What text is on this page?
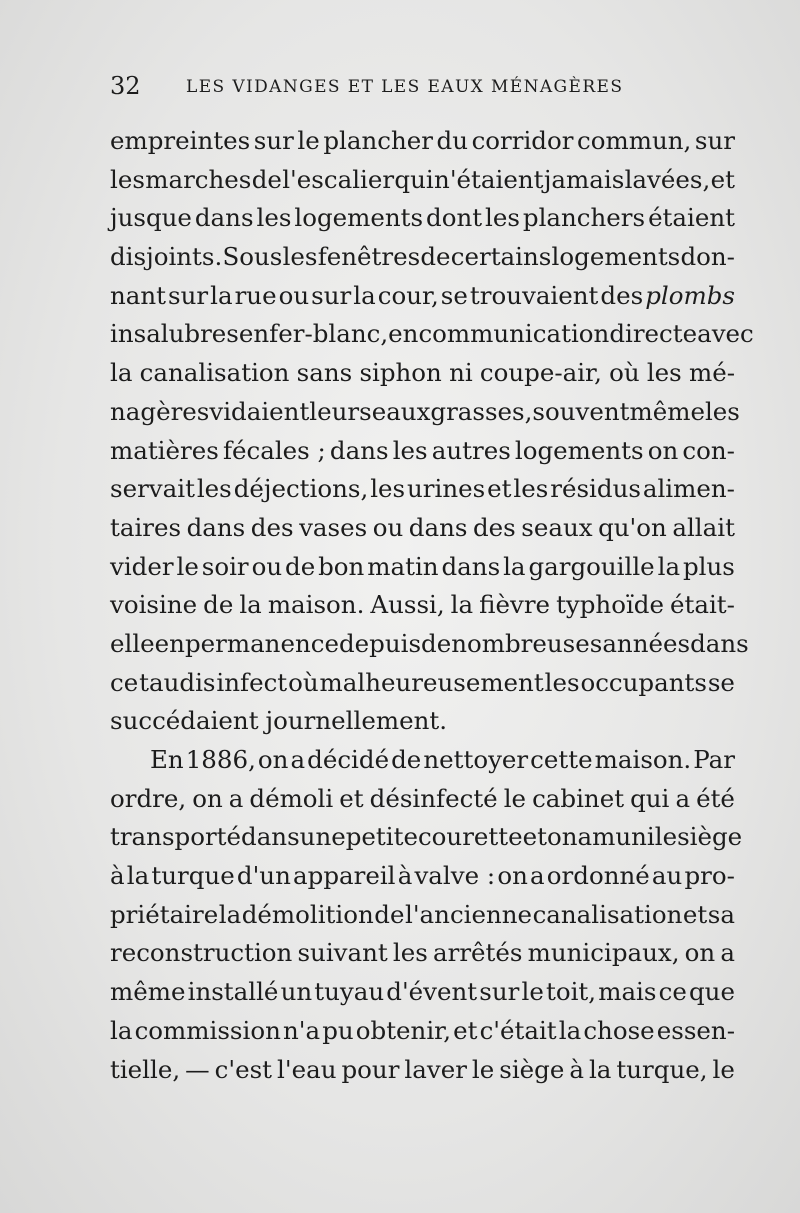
32	LES VIDANGES ET LES EAUX MÉNAGÈRES
empreintes sur le plancher du corridor commun, sur
les marches de l'escalier qui n'étaient jamais lavées, et
jusque dans les logements dont les planchers étaient
disjoints. Sous les fenêtres de certains logements don-
nant sur la rue ou sur la cour, se trouvaient des plombs
insalubres en fer-blanc, en communication directe avec
la canalisation sans siphon ni coupe-air, où les mé-
nagères vidaient leurs eaux grasses, souvent même les
matières fécales ; dans les autres logements on con-
servait les déjections, les urines et les résidus alimen-
taires dans des vases ou dans des seaux qu'on allait
vider le soir ou de bon matin dans la gargouille la plus
voisine de la maison. Aussi, la fièvre typhoïde était-
elle en permanence depuis de nombreuses années dans
ce taudis infect où malheureusement les occupants se
succédaient journellement.
En 1886, on a décidé de nettoyer cette maison. Par
ordre, on a démoli et désinfecté le cabinet qui a été
transporté dans une petite courette et on a muni le siège
à la turque d'un appareil à valve : on a ordonné au pro-
priétaire la démolition de l'ancienne canalisation et sa
reconstruction suivant les arrêtés municipaux, on a
même installé un tuyau d'évent sur le toit, mais ce que
la commission n'a pu obtenir, et c'était la chose essen-
tielle, — c'est l'eau pour laver le siège à la turque, le
